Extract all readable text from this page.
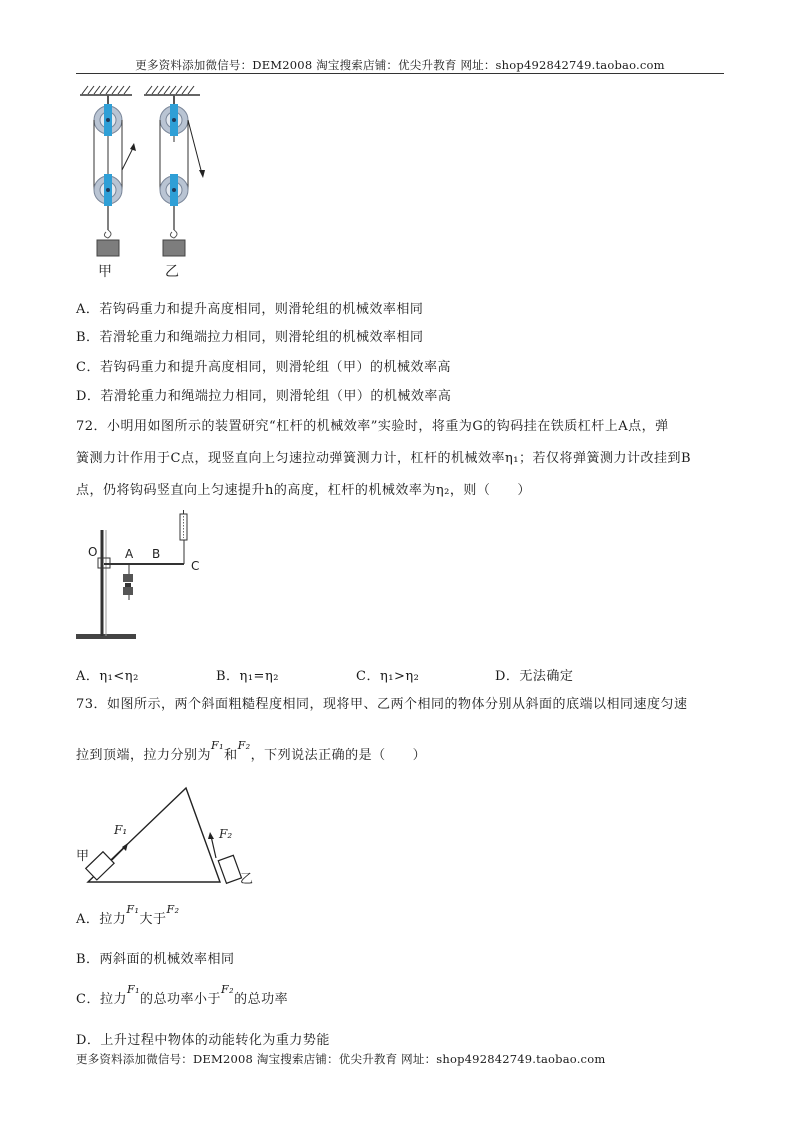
更多资料添加微信号：DEM2008 淘宝搜索店铺：优尖升教育 网址：shop492842749.taobao.com
甲	乙
A．若钩码重力和提升高度相同，则滑轮组的机械效率相同
B．若滑轮重力和绳端拉力相同，则滑轮组的机械效率相同
C．若钩码重力和提升高度相同，则滑轮组（甲）的机械效率高
D．若滑轮重力和绳端拉力相同，则滑轮组（甲）的机械效率高
72．小明用如图所示的装置研究“杠杆的机械效率”实验时，将重为G的钩码挂在铁质杠杆上A点，弹
簧测力计作用于C点，现竖直向上匀速拉动弹簧测力计，杠杆的机械效率η₁；若仅将弹簧测力计改挂到B
点，仍将钩码竖直向上匀速提升h的高度，杠杆的机械效率为η₂，则（　　）
O A B
C
A．η₁<η₂	B．η₁=η₂	C．η₁>η₂	D．无法确定
73．如图所示，两个斜面粗糙程度相同，现将甲、乙两个相同的物体分别从斜面的底端以相同速度匀速
拉到顶端，拉力分别为$^{F_1}$和$^{F_2}$，下列说法正确的是（　　）
F₁	F₂
甲
乙
A．拉力$^{F_1}$大于$^{F_2}$
B．两斜面的机械效率相同
C．拉力$^{F_1}$的总功率小于$^{F_2}$的总功率
D．上升过程中物体的动能转化为重力势能
更多资料添加微信号：DEM2008 淘宝搜索店铺：优尖升教育 网址：shop492842749.taobao.com
